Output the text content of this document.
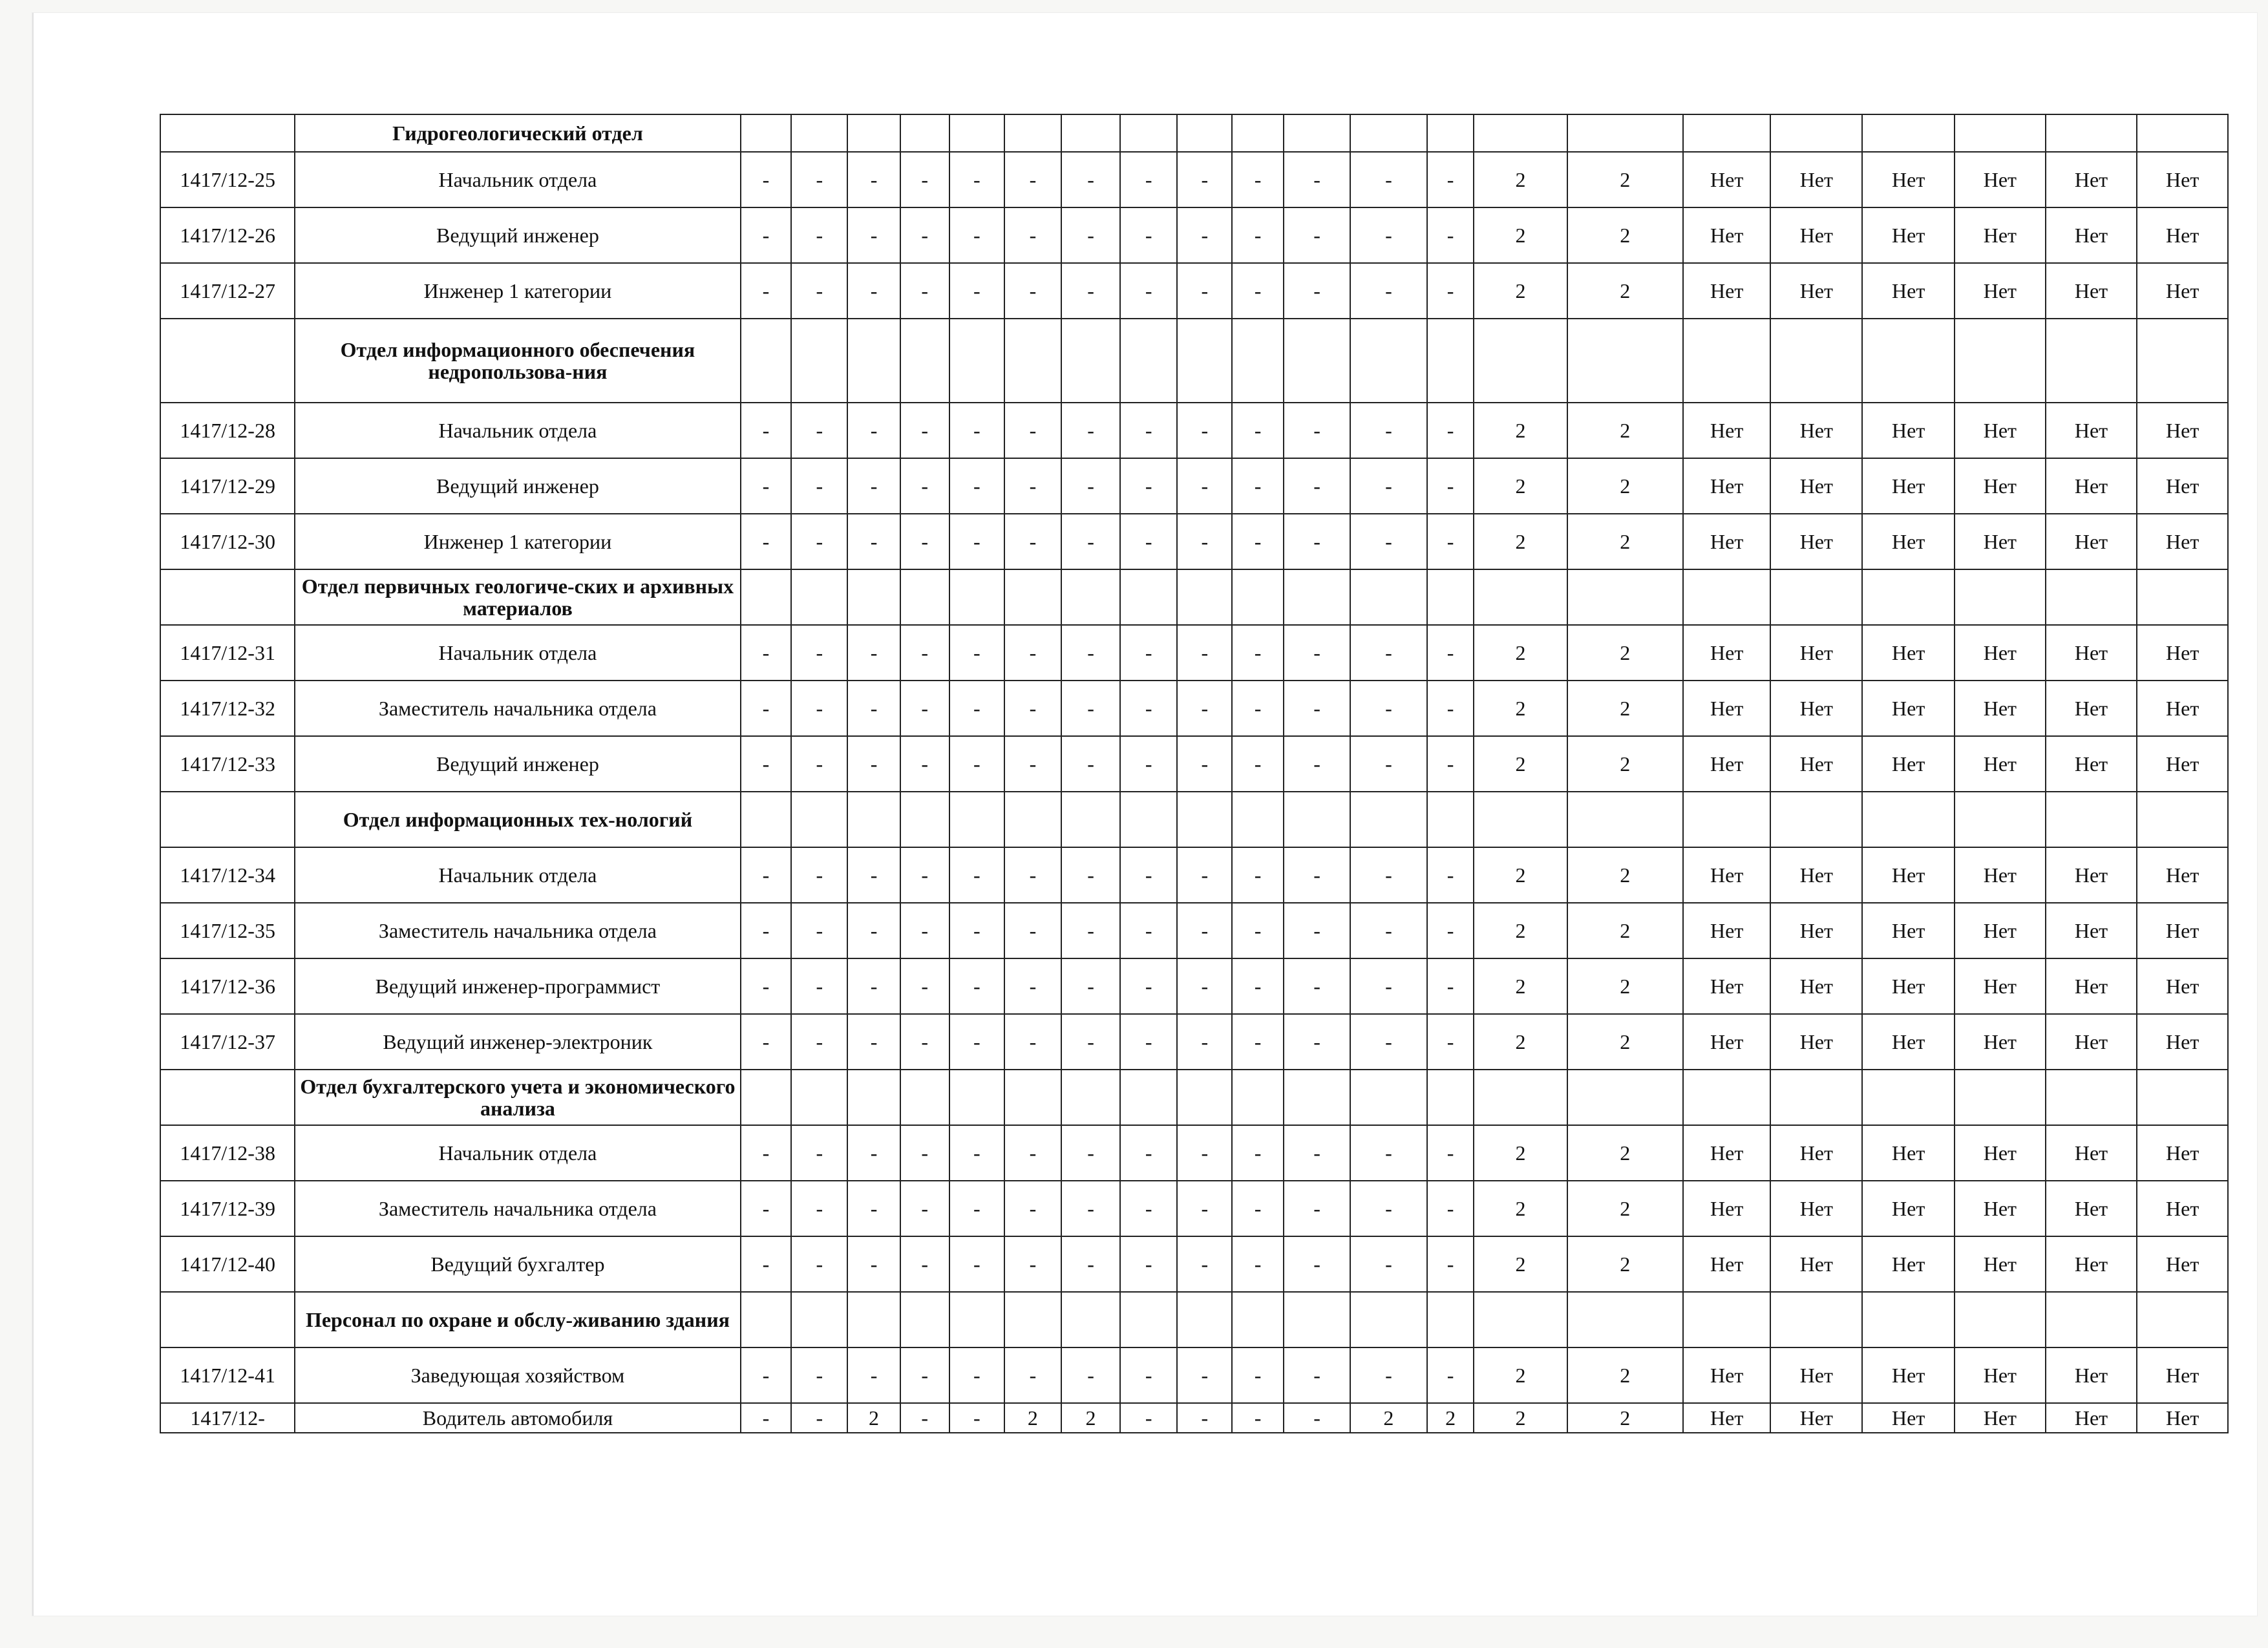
	Гидрогеологический отдел																					
1417/12-25	Начальник отдела	-	-	-	-	-	-	-	-	-	-	-	-	-	2	2	Нет	Нет	Нет	Нет	Нет	Нет
1417/12-26	Ведущий инженер	-	-	-	-	-	-	-	-	-	-	-	-	-	2	2	Нет	Нет	Нет	Нет	Нет	Нет
1417/12-27	Инженер 1 категории	-	-	-	-	-	-	-	-	-	-	-	-	-	2	2	Нет	Нет	Нет	Нет	Нет	Нет
	Отдел информационного обеспечения недропользова-ния																					
1417/12-28	Начальник отдела	-	-	-	-	-	-	-	-	-	-	-	-	-	2	2	Нет	Нет	Нет	Нет	Нет	Нет
1417/12-29	Ведущий инженер	-	-	-	-	-	-	-	-	-	-	-	-	-	2	2	Нет	Нет	Нет	Нет	Нет	Нет
1417/12-30	Инженер 1 категории	-	-	-	-	-	-	-	-	-	-	-	-	-	2	2	Нет	Нет	Нет	Нет	Нет	Нет
	Отдел первичных геологиче-ских и архивных материалов																					
1417/12-31	Начальник отдела	-	-	-	-	-	-	-	-	-	-	-	-	-	2	2	Нет	Нет	Нет	Нет	Нет	Нет
1417/12-32	Заместитель начальника отдела	-	-	-	-	-	-	-	-	-	-	-	-	-	2	2	Нет	Нет	Нет	Нет	Нет	Нет
1417/12-33	Ведущий инженер	-	-	-	-	-	-	-	-	-	-	-	-	-	2	2	Нет	Нет	Нет	Нет	Нет	Нет
	Отдел информационных тех-нологий																					
1417/12-34	Начальник отдела	-	-	-	-	-	-	-	-	-	-	-	-	-	2	2	Нет	Нет	Нет	Нет	Нет	Нет
1417/12-35	Заместитель начальника отдела	-	-	-	-	-	-	-	-	-	-	-	-	-	2	2	Нет	Нет	Нет	Нет	Нет	Нет
1417/12-36	Ведущий инженер-программист	-	-	-	-	-	-	-	-	-	-	-	-	-	2	2	Нет	Нет	Нет	Нет	Нет	Нет
1417/12-37	Ведущий инженер-электроник	-	-	-	-	-	-	-	-	-	-	-	-	-	2	2	Нет	Нет	Нет	Нет	Нет	Нет
	Отдел бухгалтерского учета и экономического анализа																					
1417/12-38	Начальник отдела	-	-	-	-	-	-	-	-	-	-	-	-	-	2	2	Нет	Нет	Нет	Нет	Нет	Нет
1417/12-39	Заместитель начальника отдела	-	-	-	-	-	-	-	-	-	-	-	-	-	2	2	Нет	Нет	Нет	Нет	Нет	Нет
1417/12-40	Ведущий бухгалтер	-	-	-	-	-	-	-	-	-	-	-	-	-	2	2	Нет	Нет	Нет	Нет	Нет	Нет
	Персонал по охране и обслу-живанию здания																					
1417/12-41	Заведующая хозяйством	-	-	-	-	-	-	-	-	-	-	-	-	-	2	2	Нет	Нет	Нет	Нет	Нет	Нет
1417/12-	Водитель автомобиля	-	-	2	-	-	2	2	-	-	-	-	2	2	2	2	Нет	Нет	Нет	Нет	Нет	Нет
